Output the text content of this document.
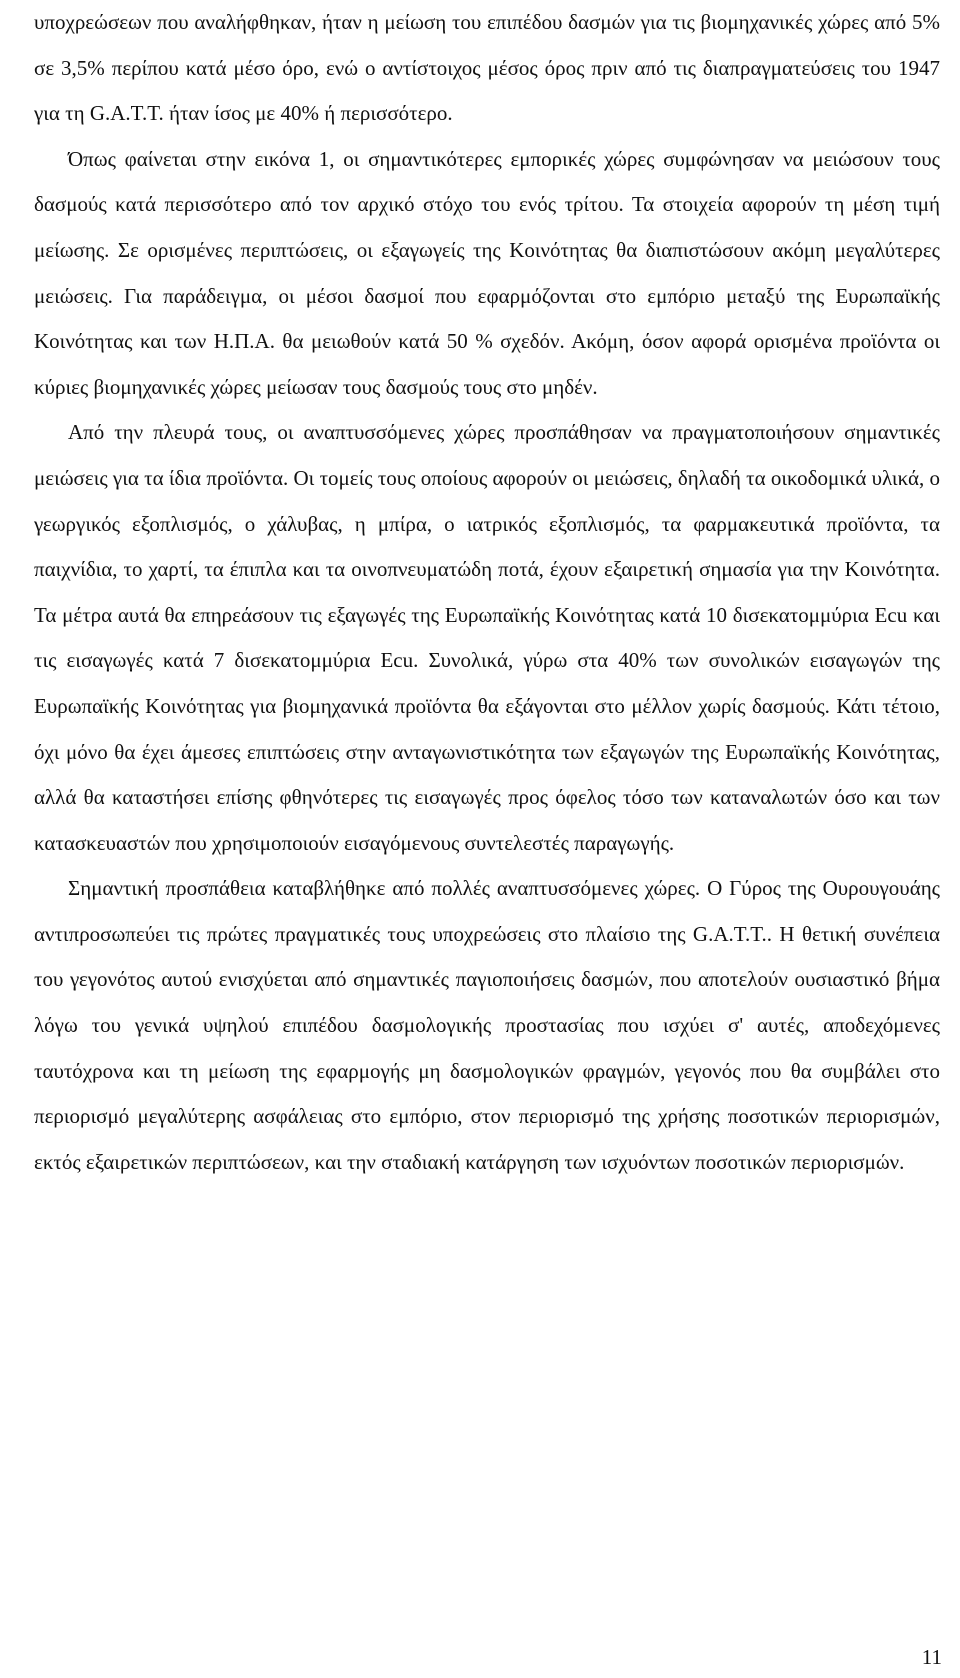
υποχρεώσεων που αναλήφθηκαν, ήταν η μείωση του επιπέδου δασμών για τις βιομηχανικές χώρες από 5% σε 3,5% περίπου κατά μέσο όρο, ενώ ο αντίστοιχος μέσος όρος πριν από τις διαπραγματεύσεις του 1947 για τη G.A.T.T. ήταν ίσος με 40% ή περισσότερο.

Όπως φαίνεται στην εικόνα 1, οι σημαντικότερες εμπορικές χώρες συμφώνησαν να μειώσουν τους δασμούς κατά περισσότερο από τον αρχικό στόχο του ενός τρίτου. Τα στοιχεία αφορούν τη μέση τιμή μείωσης. Σε ορισμένες περιπτώσεις, οι εξαγωγείς της Κοινότητας θα διαπιστώσουν ακόμη μεγαλύτερες μειώσεις. Για παράδειγμα, οι μέσοι δασμοί που εφαρμόζονται στο εμπόριο μεταξύ της Ευρωπαϊκής Κοινότητας και των Η.Π.Α. θα μειωθούν κατά 50 % σχεδόν. Ακόμη, όσον αφορά ορισμένα προϊόντα οι κύριες βιομηχανικές χώρες μείωσαν τους δασμούς τους στο μηδέν.

Από την πλευρά τους, οι αναπτυσσόμενες χώρες προσπάθησαν να πραγματοποιήσουν σημαντικές μειώσεις για τα ίδια προϊόντα. Οι τομείς τους οποίους αφορούν οι μειώσεις, δηλαδή τα οικοδομικά υλικά, ο γεωργικός εξοπλισμός, ο χάλυβας, η μπίρα, ο ιατρικός εξοπλισμός, τα φαρμακευτικά προϊόντα, τα παιχνίδια, το χαρτί, τα έπιπλα και τα οινοπνευματώδη ποτά, έχουν εξαιρετική σημασία για την Κοινότητα. Τα μέτρα αυτά θα επηρεάσουν τις εξαγωγές της Ευρωπαϊκής Κοινότητας κατά 10 δισεκατομμύρια Ecu και τις εισαγωγές κατά 7 δισεκατομμύρια Ecu. Συνολικά, γύρω στα 40% των συνολικών εισαγωγών της Ευρωπαϊκής Κοινότητας για βιομηχανικά προϊόντα θα εξάγονται στο μέλλον χωρίς δασμούς. Κάτι τέτοιο, όχι μόνο θα έχει άμεσες επιπτώσεις στην ανταγωνιστικότητα των εξαγωγών της Ευρωπαϊκής Κοινότητας, αλλά θα καταστήσει επίσης φθηνότερες τις εισαγωγές προς όφελος τόσο των καταναλωτών όσο και των κατασκευαστών που χρησιμοποιούν εισαγόμενους συντελεστές παραγωγής.

Σημαντική προσπάθεια καταβλήθηκε από πολλές αναπτυσσόμενες χώρες. Ο Γύρος της Ουρουγουάης αντιπροσωπεύει τις πρώτες πραγματικές τους υποχρεώσεις στο πλαίσιο της G.A.T.T.. Η θετική συνέπεια του γεγονότος αυτού ενισχύεται από σημαντικές παγιοποιήσεις δασμών, που αποτελούν ουσιαστικό βήμα λόγω του γενικά υψηλού επιπέδου δασμολογικής προστασίας που ισχύει σ' αυτές, αποδεχόμενες ταυτόχρονα και τη μείωση της εφαρμογής μη δασμολογικών φραγμών, γεγονός που θα συμβάλει στο περιορισμό μεγαλύτερης ασφάλειας στο εμπόριο, στον περιορισμό της χρήσης ποσοτικών περιορισμών, εκτός εξαιρετικών περιπτώσεων, και την σταδιακή κατάργηση των ισχυόντων ποσοτικών περιορισμών.

11
